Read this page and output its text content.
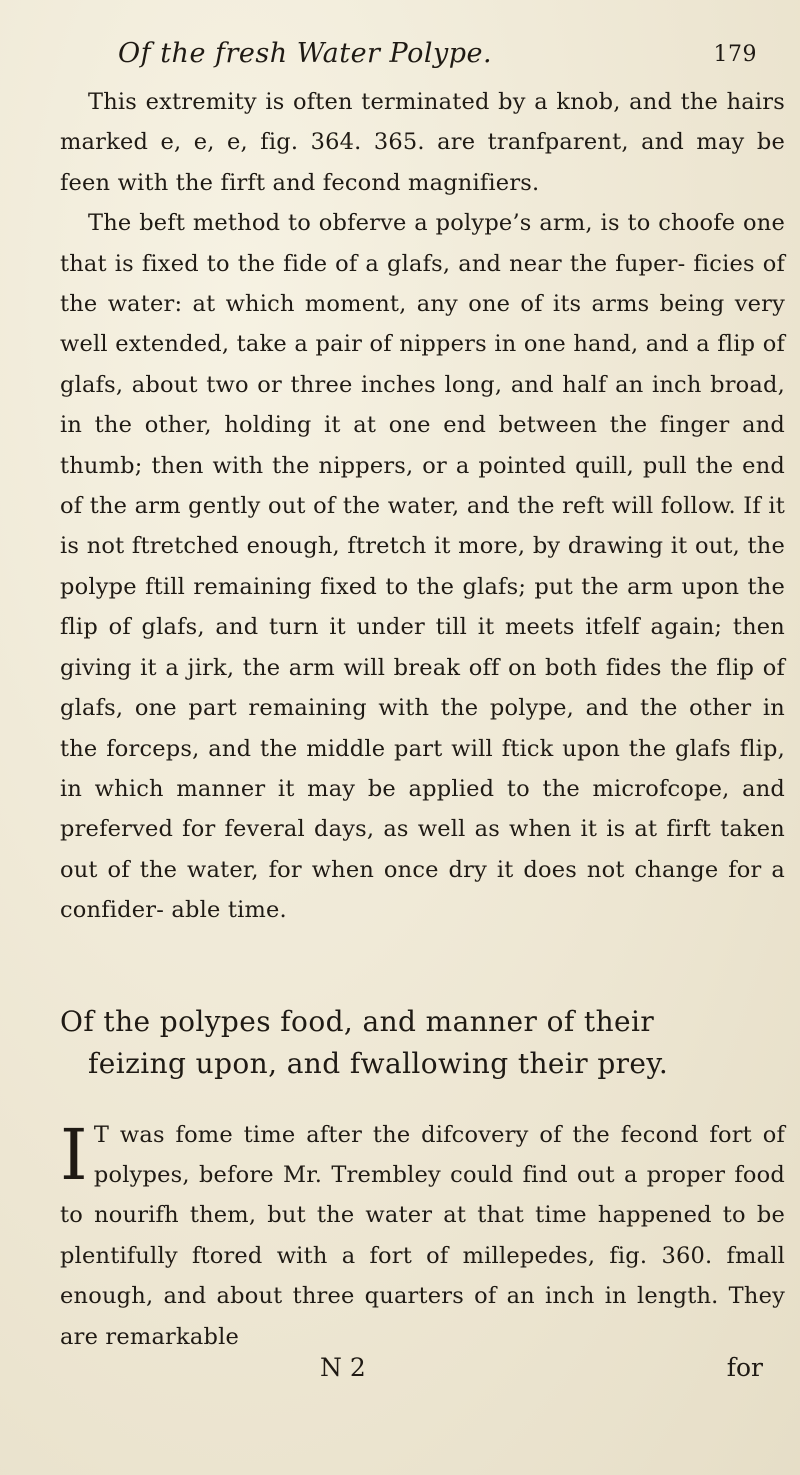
Of the fresh Water Polype.	179

This extremity is often terminated by a knob, and the hairs marked e, e, e, fig. 364. 365. are tranfparent, and may be feen with the firft and fecond magnifiers.

The beft method to obferve a polype’s arm, is to choofe one that is fixed to the fide of a glafs, and near the fuper- ficies of the water: at which moment, any one of its arms being very well extended, take a pair of nippers in one hand, and a flip of glafs, about two or three inches long, and half an inch broad, in the other, holding it at one end between the finger and thumb; then with the nippers, or a pointed quill, pull the end of the arm gently out of the water, and the reft will follow. If it is not ftretched enough, ftretch it more, by drawing it out, the polype ftill remaining fixed to the glafs; put the arm upon the flip of glafs, and turn it under till it meets itfelf again; then giving it a jirk, the arm will break off on both fides the flip of glafs, one part remaining with the polype, and the other in the forceps, and the middle part will ftick upon the glafs flip, in which manner it may be applied to the microfcope, and preferved for feveral days, as well as when it is at firft taken out of the water, for when once dry it does not change for a confider- able time.

Of the polypes food, and manner of their
feizing upon, and fwallowing their prey.

I T was fome time after the difcovery of the fecond fort of polypes, before Mr. Trembley could find out a proper food to nourifh them, but the water at that time happened to be plentifully ftored with a fort of millepedes, fig. 360. fmall enough, and about three quarters of an inch in length. They are remarkable

N 2	for
